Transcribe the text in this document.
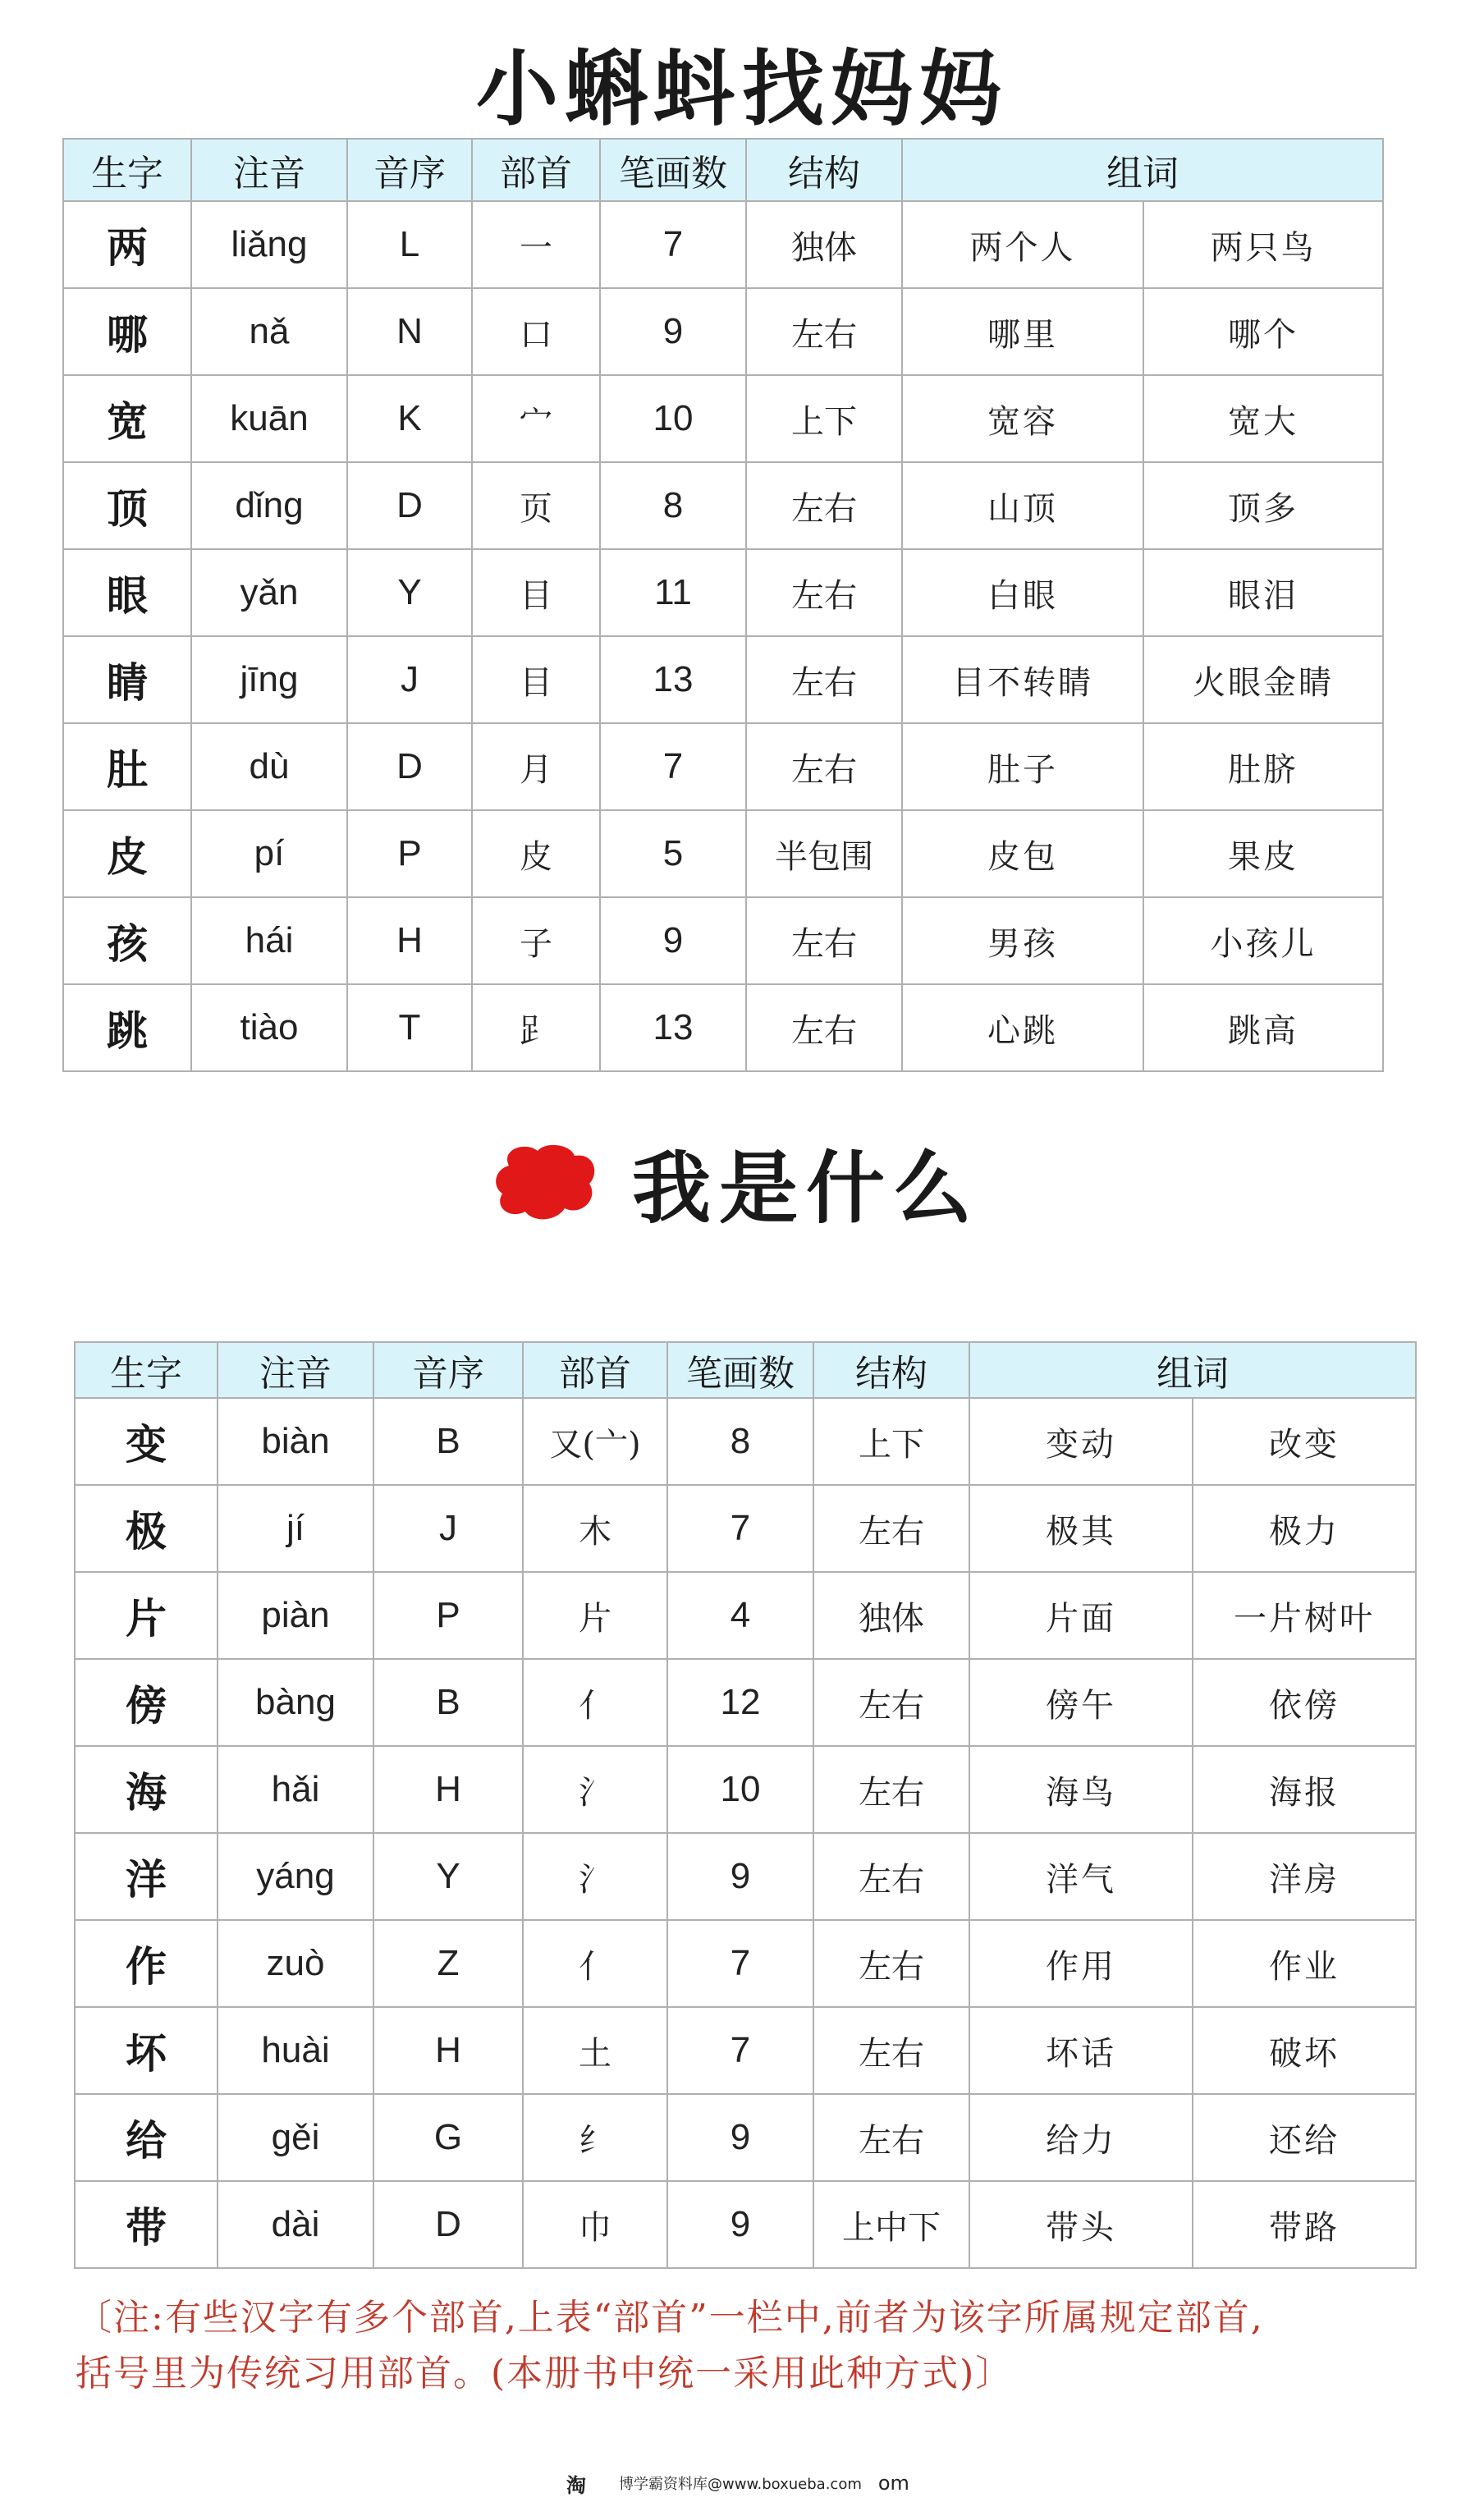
小蝌蚪找妈妈
生字	注音	音序	部首	笔画数	结构	组词	
两	liǎng	L	一	7	独体	两个人	两只鸟
哪	nǎ	N	口	9	左右	哪里	哪个
宽	kuān	K	宀	10	上下	宽容	宽大
顶	dǐng	D	页	8	左右	山顶	顶多
眼	yǎn	Y	目	11	左右	白眼	眼泪
睛	jīng	J	目	13	左右	目不转睛	火眼金睛
肚	dù	D	月	7	左右	肚子	肚脐
皮	pí	P	皮	5	半包围	皮包	果皮
孩	hái	H	子	9	左右	男孩	小孩儿
跳	tiào	T	𧾷	13	左右	心跳	跳高
我是什么
生字	注音	音序	部首	笔画数	结构	组词	
变	biàn	B	又(亠)	8	上下	变动	改变
极	jí	J	木	7	左右	极其	极力
片	piàn	P	片	4	独体	片面	一片树叶
傍	bàng	B	亻	12	左右	傍午	依傍
海	hǎi	H	氵	10	左右	海鸟	海报
洋	yáng	Y	氵	9	左右	洋气	洋房
作	zuò	Z	亻	7	左右	作用	作业
坏	huài	H	土	7	左右	坏话	破坏
给	gěi	G	纟	9	左右	给力	还给
带	dài	D	巾	9	上中下	带头	带路
〔注:有些汉字有多个部首,上表“部首”一栏中,前者为该字所属规定部首,
括号里为传统习用部首。(本册书中统一采用此种方式)〕
淘 博学霸资料库@www.boxueba.com om
